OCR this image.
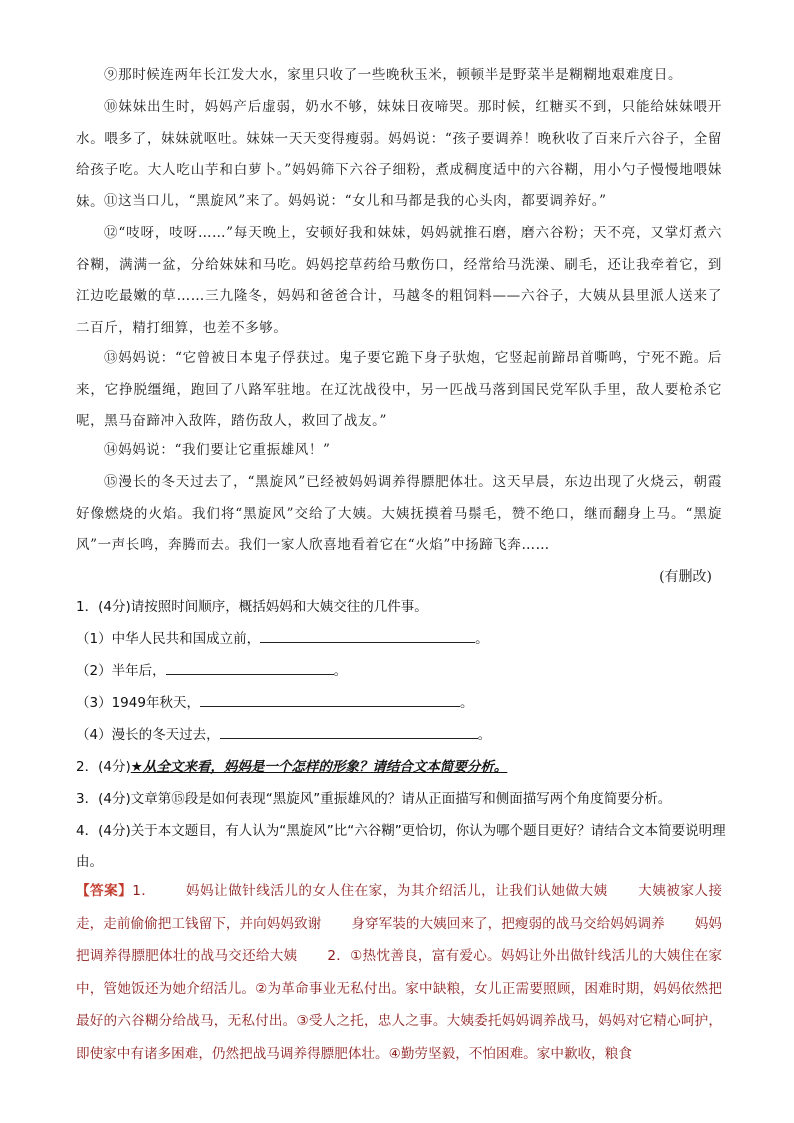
⑨那时候连两年长江发大水，家里只收了一些晚秋玉米，顿顿半是野菜半是糊糊地艰难度日。
⑩妹妹出生时，妈妈产后虚弱，奶水不够，妹妹日夜啼哭。那时候，红糖买不到，只能给妹妹喂开水。喂多了，妹妹就呕吐。妹妹一天天变得瘦弱。妈妈说：“孩子要调养！晚秋收了百来斤六谷子，全留给孩子吃。大人吃山芋和白萝卜。”妈妈筛下六谷子细粉，煮成稠度适中的六谷糊，用小勺子慢慢地喂妹妹。 ⑪这当口儿，“黑旋风”来了。妈妈说：“女儿和马都是我的心头肉，都要调养好。”
⑫“吱呀，吱呀……”每天晚上，安顿好我和妹妹，妈妈就推石磨，磨六谷粉；天不亮，又掌灯煮六谷糊，满满一盆，分给妹妹和马吃。妈妈挖草药给马敷伤口，经常给马洗澡、刷毛，还让我牵着它，到江边吃最嫩的草……三九隆冬，妈妈和爸爸合计，马越冬的粗饲料——六谷子，大姨从县里派人送来了二百斤，精打细算，也差不多够。
⑬妈妈说：“它曾被日本鬼子俘获过。鬼子要它跪下身子驮炮，它竖起前蹄昂首嘶鸣，宁死不跪。后来，它挣脱缰绳，跑回了八路军驻地。在辽沈战役中，另一匹战马落到国民党军队手里，敌人要枪杀它呢，黑马奋蹄冲入敌阵，踏伤敌人，救回了战友。”
⑭妈妈说：“我们要让它重振雄风！”
⑮漫长的冬天过去了，“黑旋风”已经被妈妈调养得膘肥体壮。这天早晨，东边出现了火烧云，朝霞好像燃烧的火焰。我们将“黑旋风”交给了大姨。大姨抚摸着马鬃毛，赞不绝口，继而翻身上马。“黑旋风”一声长鸣，奔腾而去。我们一家人欣喜地看着它在“火焰”中扬蹄飞奔……
(有删改)
1．(4分)请按照时间顺序，概括妈妈和大姨交往的几件事。
（1）中华人民共和国成立前，	。
（2）半年后，	。
（3）1949年秋天，	。
（4）漫长的冬天过去，	。
2．(4分)★从全文来看，妈妈是一个怎样的形象？请结合文本简要分析。
3．(4分)文章第⑮段是如何表现“黑旋风”重振雄风的？请从正面描写和侧面描写两个角度简要分析。
4．(4分)关于本文题目，有人认为“黑旋风”比“六谷糊”更恰切，你认为哪个题目更好？请结合文本简要说明理由。
【答案】1． 妈妈让做针线活儿的女人住在家，为其介绍活儿，让我们认她做大姨 大姨被家人接走，走前偷偷把工钱留下，并向妈妈致谢 身穿军装的大姨回来了，把瘦弱的战马交给妈妈调养 妈妈把调养得膘肥体壮的战马交还给大姨 2．①热忱善良，富有爱心。妈妈让外出做针线活儿的大姨住在家中，管她饭还为她介绍活儿。②为革命事业无私付出。家中缺粮，女儿正需要照顾，困难时期，妈妈依然把最好的六谷糊分给战马，无私付出。③受人之托，忠人之事。大姨委托妈妈调养战马，妈妈对它精心呵护，即使家中有诸多困难，仍然把战马调养得膘肥体壮。④勤劳坚毅，不怕困难。家中歉收，粮食
